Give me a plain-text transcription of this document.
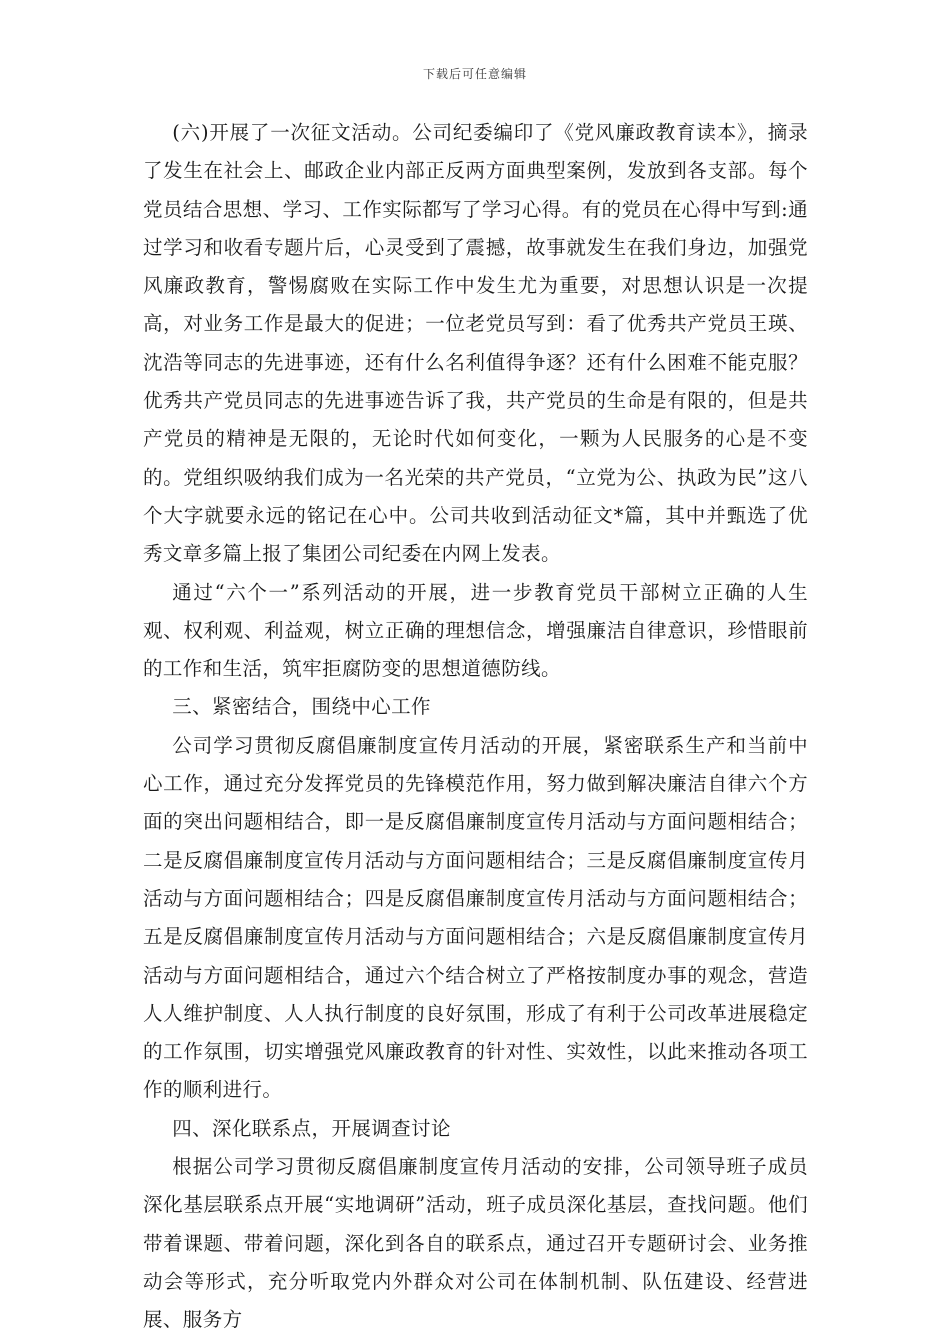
下载后可任意编辑

(六)开展了一次征文活动。公司纪委编印了《党风廉政教育读本》，摘录了发生在社会上、邮政企业内部正反两方面典型案例，发放到各支部。每个党员结合思想、学习、工作实际都写了学习心得。有的党员在心得中写到:通过学习和收看专题片后，心灵受到了震撼，故事就发生在我们身边，加强党风廉政教育，警惕腐败在实际工作中发生尤为重要，对思想认识是一次提高，对业务工作是最大的促进；一位老党员写到：看了优秀共产党员王瑛、沈浩等同志的先进事迹，还有什么名利值得争逐？还有什么困难不能克服？优秀共产党员同志的先进事迹告诉了我，共产党员的生命是有限的，但是共产党员的精神是无限的，无论时代如何变化，一颗为人民服务的心是不变的。党组织吸纳我们成为一名光荣的共产党员，“立党为公、执政为民”这八个大字就要永远的铭记在心中。公司共收到活动征文*篇，其中并甄选了优秀文章多篇上报了集团公司纪委在内网上发表。

通过“六个一”系列活动的开展，进一步教育党员干部树立正确的人生观、权利观、利益观，树立正确的理想信念，增强廉洁自律意识，珍惜眼前的工作和生活，筑牢拒腐防变的思想道德防线。

三、紧密结合，围绕中心工作

公司学习贯彻反腐倡廉制度宣传月活动的开展，紧密联系生产和当前中心工作，通过充分发挥党员的先锋模范作用，努力做到解决廉洁自律六个方面的突出问题相结合，即一是反腐倡廉制度宣传月活动与方面问题相结合；二是反腐倡廉制度宣传月活动与方面问题相结合；三是反腐倡廉制度宣传月活动与方面问题相结合；四是反腐倡廉制度宣传月活动与方面问题相结合；五是反腐倡廉制度宣传月活动与方面问题相结合；六是反腐倡廉制度宣传月活动与方面问题相结合，通过六个结合树立了严格按制度办事的观念，营造人人维护制度、人人执行制度的良好氛围，形成了有利于公司改革进展稳定的工作氛围，切实增强党风廉政教育的针对性、实效性，以此来推动各项工作的顺利进行。

四、深化联系点，开展调查讨论

根据公司学习贯彻反腐倡廉制度宣传月活动的安排，公司领导班子成员深化基层联系点开展“实地调研”活动，班子成员深化基层，查找问题。他们带着课题、带着问题，深化到各自的联系点，通过召开专题研讨会、业务推动会等形式，充分听取党内外群众对公司在体制机制、队伍建设、经营进展、服务方
